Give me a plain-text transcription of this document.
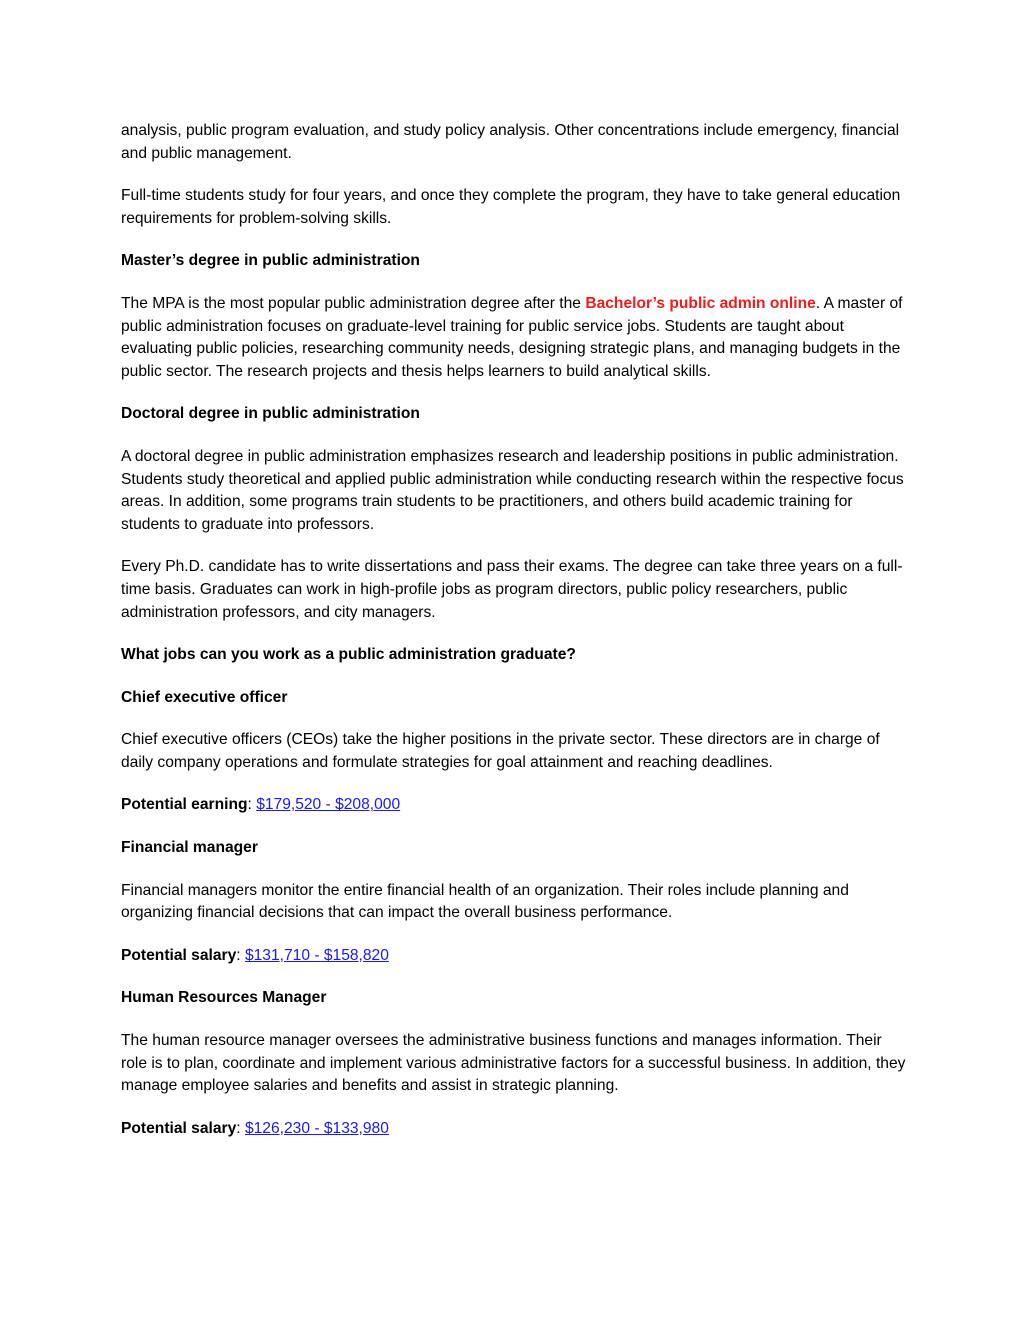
analysis, public program evaluation, and study policy analysis. Other concentrations include emergency, financial and public management.

Full-time students study for four years, and once they complete the program, they have to take general education requirements for problem-solving skills.

Master’s degree in public administration

The MPA is the most popular public administration degree after the Bachelor’s public admin online. A master of public administration focuses on graduate-level training for public service jobs. Students are taught about evaluating public policies, researching community needs, designing strategic plans, and managing budgets in the public sector. The research projects and thesis helps learners to build analytical skills.

Doctoral degree in public administration

A doctoral degree in public administration emphasizes research and leadership positions in public administration. Students study theoretical and applied public administration while conducting research within the respective focus areas. In addition, some programs train students to be practitioners, and others build academic training for students to graduate into professors.

Every Ph.D. candidate has to write dissertations and pass their exams. The degree can take three years on a full-time basis. Graduates can work in high-profile jobs as program directors, public policy researchers, public administration professors, and city managers.

What jobs can you work as a public administration graduate?

Chief executive officer

Chief executive officers (CEOs) take the higher positions in the private sector. These directors are in charge of daily company operations and formulate strategies for goal attainment and reaching deadlines.

Potential earning: $179,520 - $208,000

Financial manager

Financial managers monitor the entire financial health of an organization. Their roles include planning and organizing financial decisions that can impact the overall business performance.

Potential salary: $131,710 - $158,820

Human Resources Manager

The human resource manager oversees the administrative business functions and manages information. Their role is to plan, coordinate and implement various administrative factors for a successful business. In addition, they manage employee salaries and benefits and assist in strategic planning.

Potential salary: $126,230 - $133,980
